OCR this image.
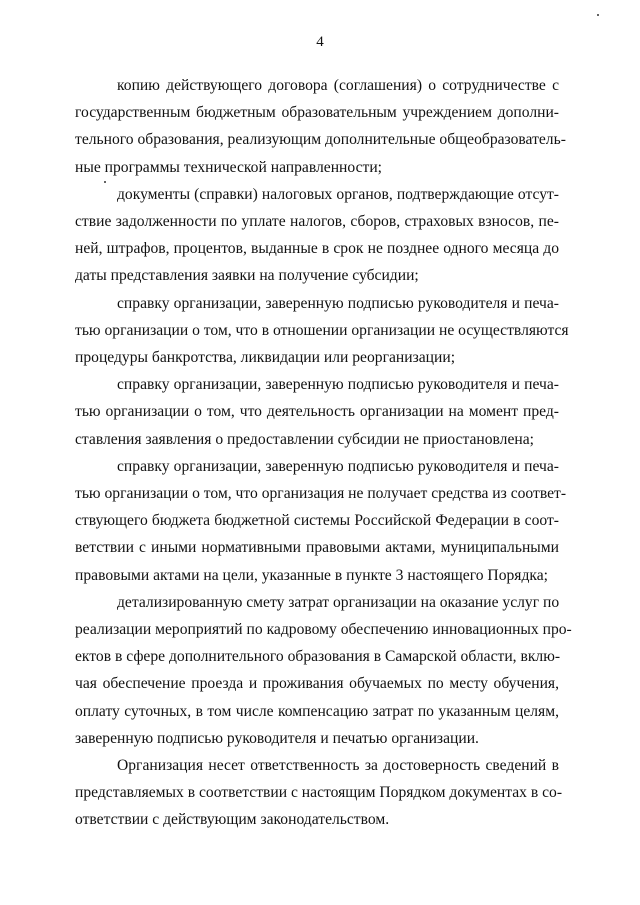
4

копию действующего договора (соглашения) о сотрудничестве с
государственным бюджетным образовательным учреждением дополни-
тельного образования, реализующим дополнительные общеобразователь-
ные программы технической направленности;

документы (справки) налоговых органов, подтверждающие отсут-
ствие задолженности по уплате налогов, сборов, страховых взносов, пе-
ней, штрафов, процентов, выданные в срок не позднее одного месяца до
даты представления заявки на получение субсидии;

справку организации, заверенную подписью руководителя и печа-
тью организации о том, что в отношении организации не осуществляются
процедуры банкротства, ликвидации или реорганизации;

справку организации, заверенную подписью руководителя и печа-
тью организации о том, что деятельность организации на момент пред-
ставления заявления о предоставлении субсидии не приостановлена;

справку организации, заверенную подписью руководителя и печа-
тью организации о том, что организация не получает средства из соответ-
ствующего бюджета бюджетной системы Российской Федерации в соот-
ветствии с иными нормативными правовыми актами, муниципальными
правовыми актами на цели, указанные в пункте 3 настоящего Порядка;

детализированную смету затрат организации на оказание услуг по
реализации мероприятий по кадровому обеспечению инновационных про-
ектов в сфере дополнительного образования в Самарской области, вклю-
чая обеспечение проезда и проживания обучаемых по месту обучения,
оплату суточных, в том числе компенсацию затрат по указанным целям,
заверенную подписью руководителя и печатью организации.

Организация несет ответственность за достоверность сведений в
представляемых в соответствии с настоящим Порядком документах в со-
ответствии с действующим законодательством.
